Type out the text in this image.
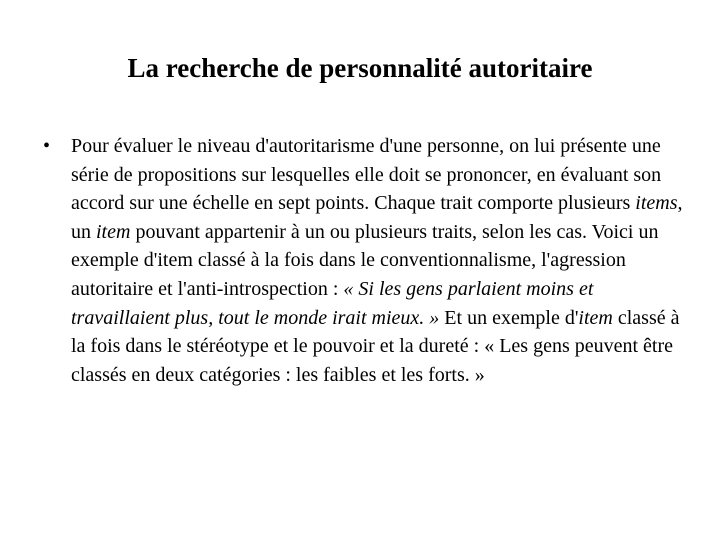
La recherche de personnalité autoritaire
• Pour évaluer le niveau d'autoritarisme d'une personne, on lui présente une série de propositions sur lesquelles elle doit se prononcer, en évaluant son accord sur une échelle en sept points. Chaque trait comporte plusieurs items, un item pouvant appartenir à un ou plusieurs traits, selon les cas. Voici un exemple d'item classé à la fois dans le conventionnalisme, l'agression autoritaire et l'anti-introspection : « Si les gens parlaient moins et travaillaient plus, tout le monde irait mieux. » Et un exemple d'item classé à la fois dans le stéréotype et le pouvoir et la dureté : « Les gens peuvent être classés en deux catégories : les faibles et les forts. »
